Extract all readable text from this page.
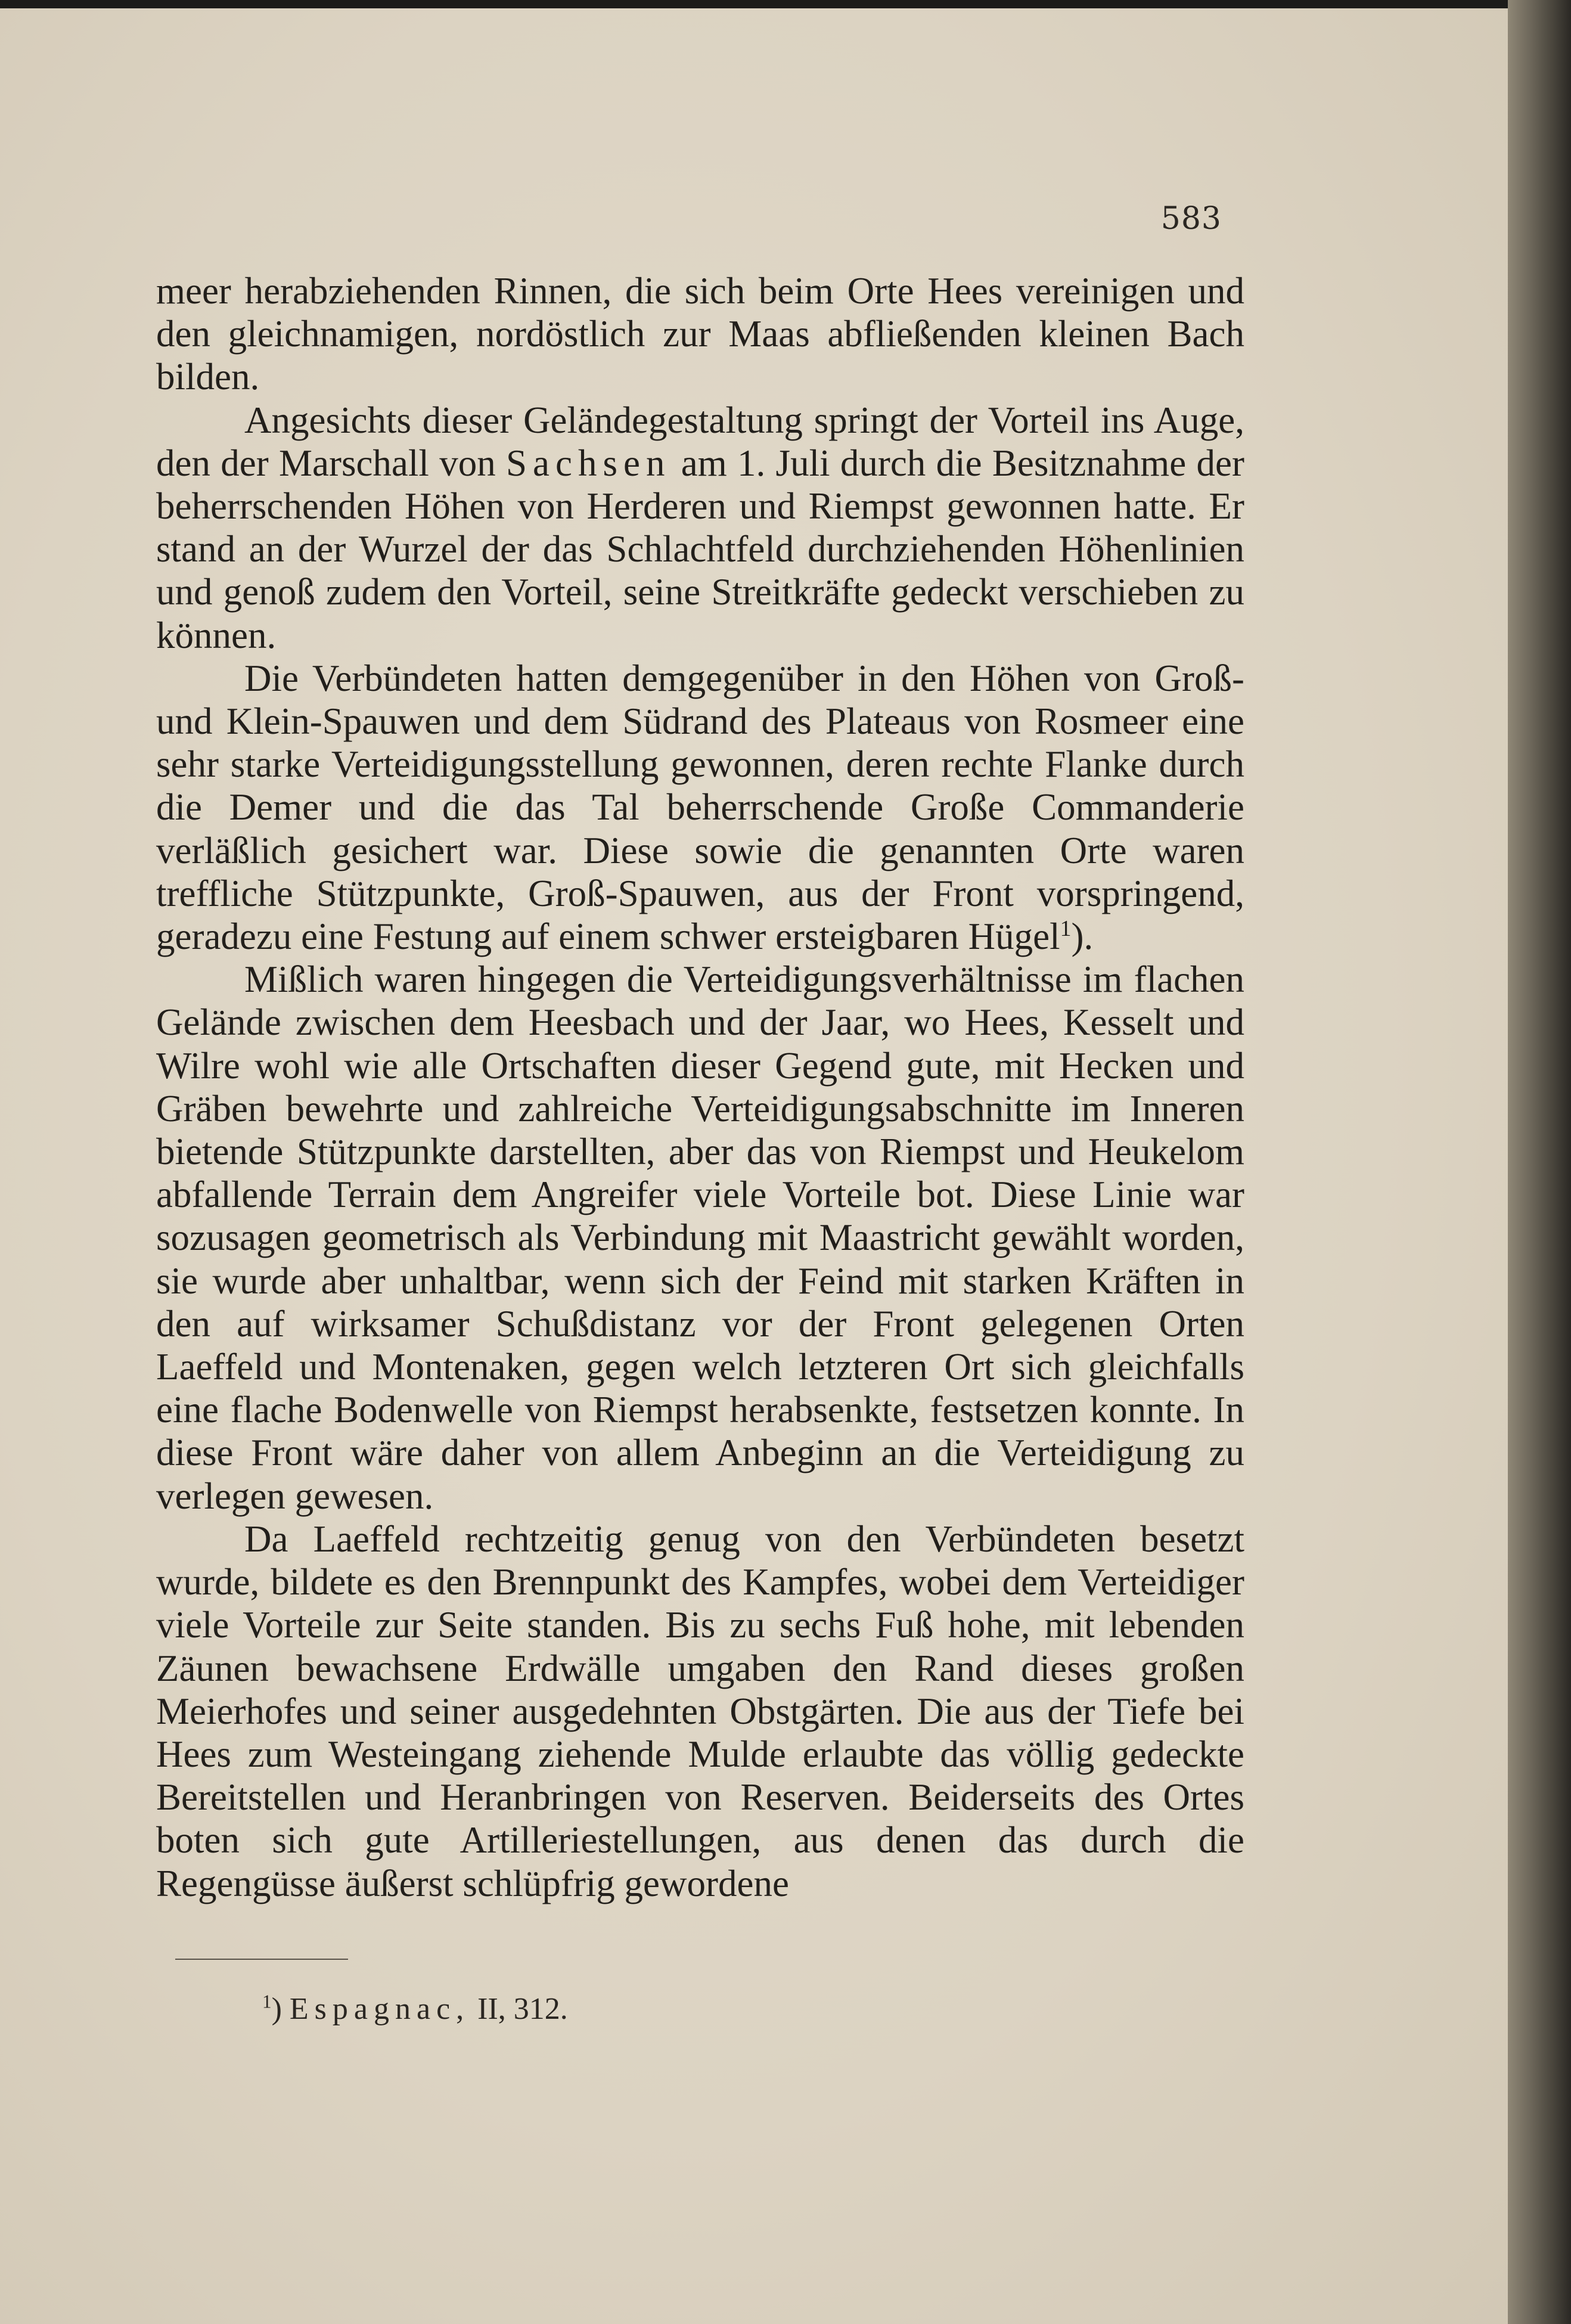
583

meer herabziehenden Rinnen, die sich beim Orte Hees vereinigen und den gleichnamigen, nordöstlich zur Maas abfließenden kleinen Bach bilden.

Angesichts dieser Geländegestaltung springt der Vorteil ins Auge, den der Marschall von Sachsen am 1. Juli durch die Besitznahme der beherrschenden Höhen von Herderen und Riempst gewonnen hatte. Er stand an der Wurzel der das Schlachtfeld durchziehenden Höhenlinien und genoß zudem den Vorteil, seine Streitkräfte gedeckt verschieben zu können.

Die Verbündeten hatten demgegenüber in den Höhen von Groß- und Klein-Spauwen und dem Südrand des Plateaus von Rosmeer eine sehr starke Verteidigungsstellung gewonnen, deren rechte Flanke durch die Demer und die das Tal beherrschende Große Commanderie verläßlich gesichert war. Diese sowie die genannten Orte waren treffliche Stützpunkte, Groß-Spauwen, aus der Front vorspringend, geradezu eine Festung auf einem schwer ersteigbaren Hügel$^1$).

Mißlich waren hingegen die Verteidigungsverhältnisse im flachen Gelände zwischen dem Heesbach und der Jaar, wo Hees, Kesselt und Wilre wohl wie alle Ortschaften dieser Gegend gute, mit Hecken und Gräben bewehrte und zahlreiche Verteidigungsabschnitte im Inneren bietende Stützpunkte darstellten, aber das von Riempst und Heukelom abfallende Terrain dem Angreifer viele Vorteile bot. Diese Linie war sozusagen geometrisch als Verbindung mit Maastricht gewählt worden, sie wurde aber unhaltbar, wenn sich der Feind mit starken Kräften in den auf wirksamer Schußdistanz vor der Front gelegenen Orten Laeffeld und Montenaken, gegen welch letzteren Ort sich gleichfalls eine flache Bodenwelle von Riempst herabsenkte, festsetzen konnte. In diese Front wäre daher von allem Anbeginn an die Verteidigung zu verlegen gewesen.

Da Laeffeld rechtzeitig genug von den Verbündeten besetzt wurde, bildete es den Brennpunkt des Kampfes, wobei dem Verteidiger viele Vorteile zur Seite standen. Bis zu sechs Fuß hohe, mit lebenden Zäunen bewachsene Erdwälle umgaben den Rand dieses großen Meierhofes und seiner ausgedehnten Obstgärten. Die aus der Tiefe bei Hees zum Westeingang ziehende Mulde erlaubte das völlig gedeckte Bereitstellen und Heranbringen von Reserven. Beiderseits des Ortes boten sich gute Artilleriestellungen, aus denen das durch die Regengüsse äußerst schlüpfrig gewordene

$^1$) Espagnac, II, 312.
